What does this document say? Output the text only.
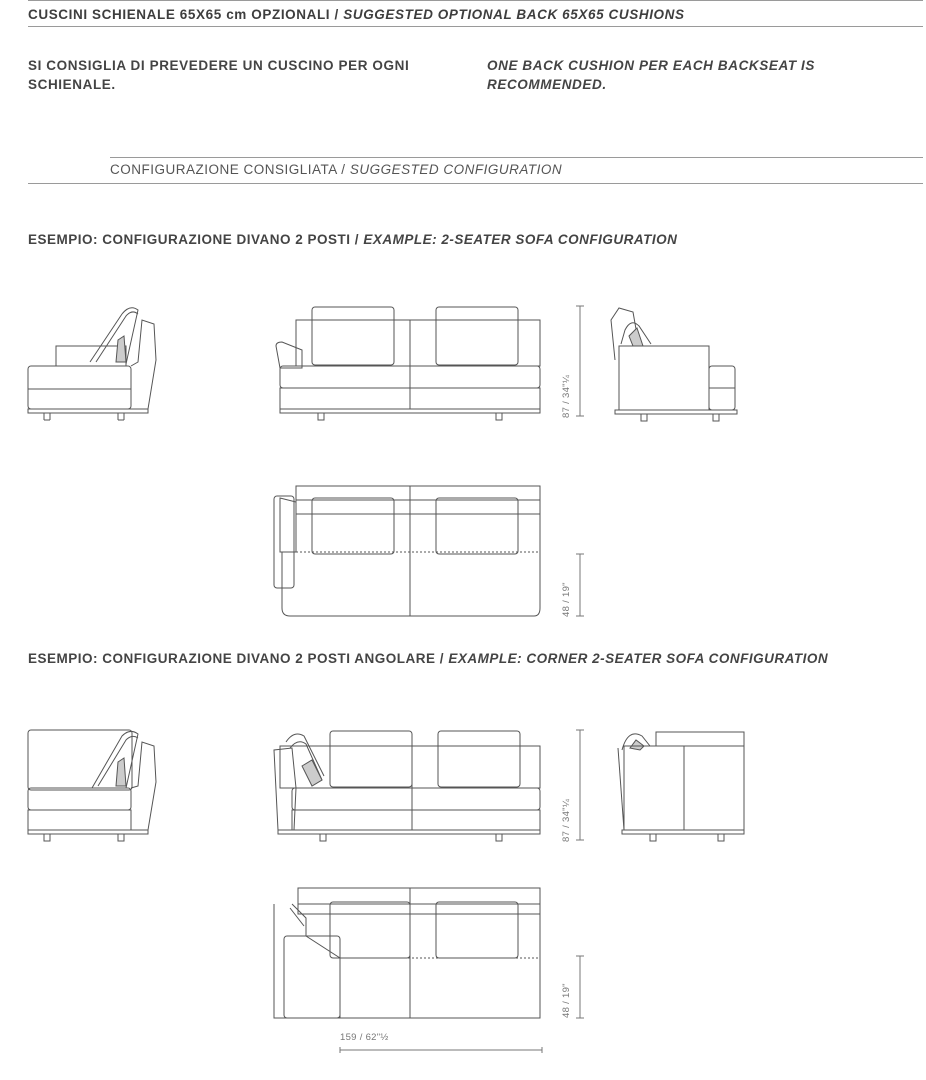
CUSCINI SCHIENALE 65X65 cm OPZIONALI / SUGGESTED OPTIONAL BACK 65X65 CUSHIONS
SI CONSIGLIA DI PREVEDERE UN CUSCINO PER OGNI SCHIENALE.
ONE BACK CUSHION PER EACH BACKSEAT IS RECOMMENDED.
CONFIGURAZIONE CONSIGLIATA / SUGGESTED CONFIGURATION
ESEMPIO: CONFIGURAZIONE DIVANO 2 POSTI / EXAMPLE: 2-SEATER SOFA CONFIGURATION
87 / 34"¼
48 / 19"
ESEMPIO: CONFIGURAZIONE DIVANO 2 POSTI ANGOLARE / EXAMPLE: CORNER 2-SEATER SOFA CONFIGURATION
87 / 34"¼
48 / 19"
159 / 62"½
